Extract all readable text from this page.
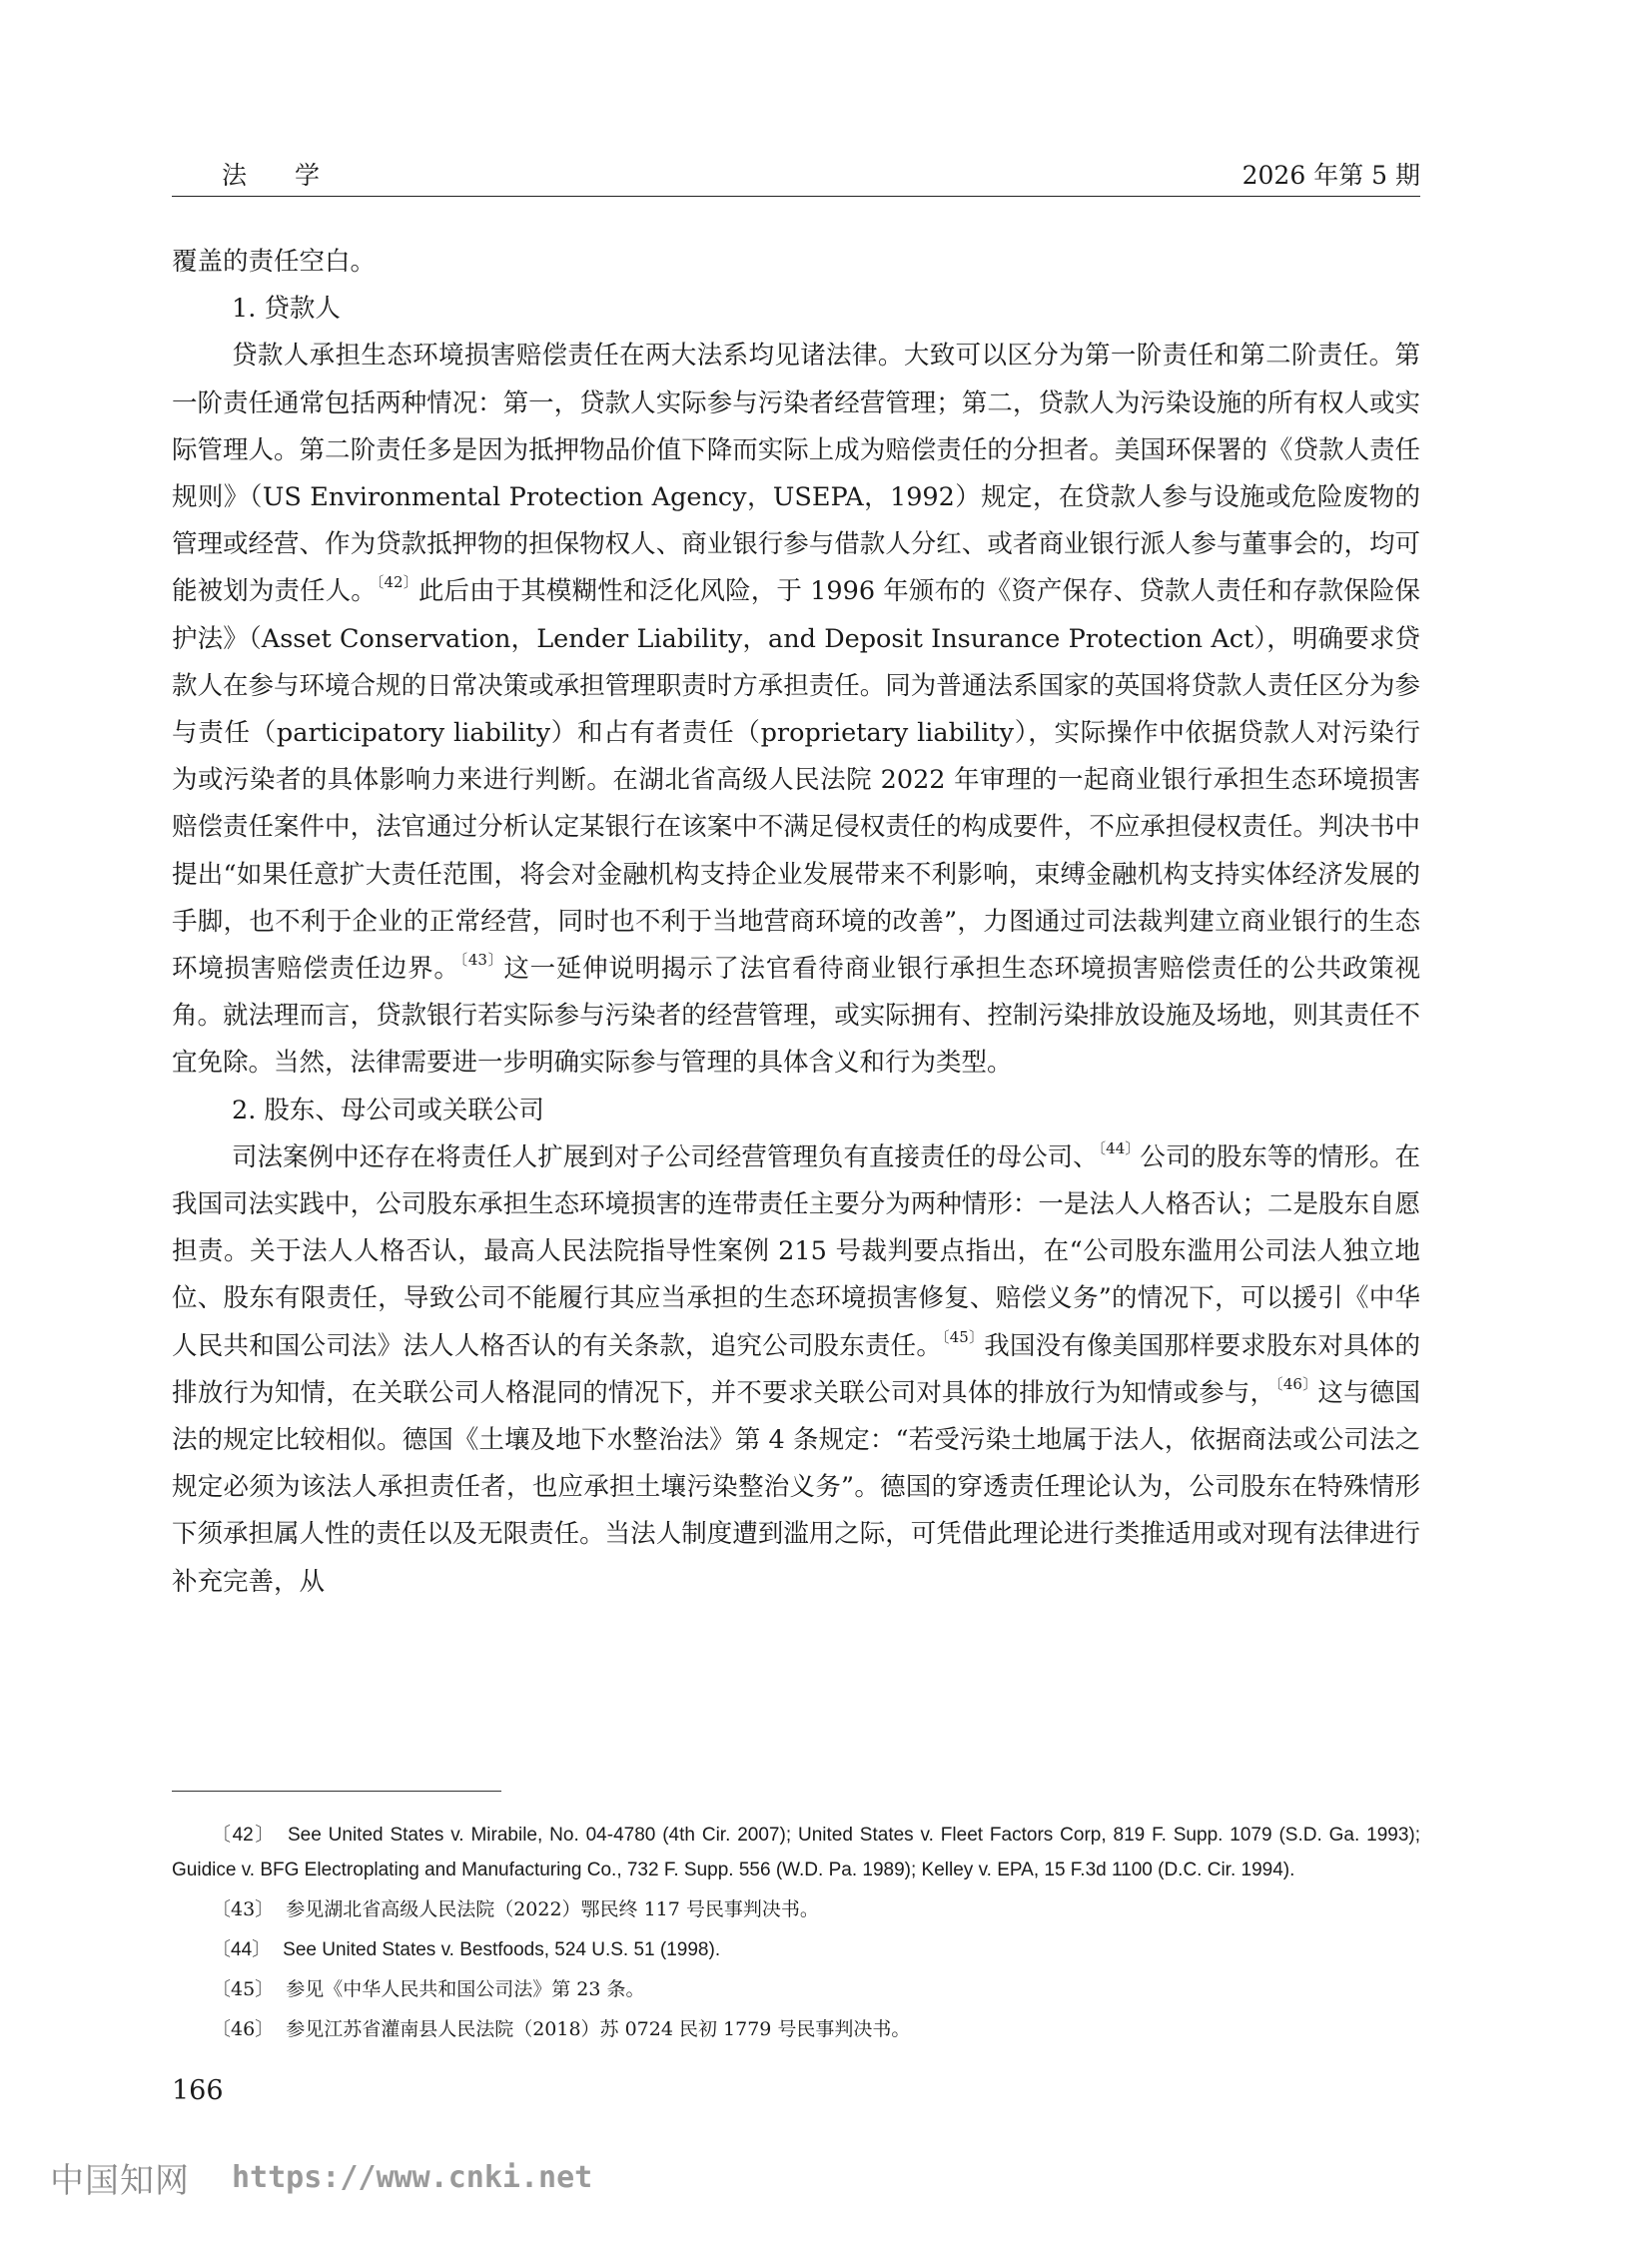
法 学	2026 年第 5 期

覆盖的责任空白。

1. 贷款人

贷款人承担生态环境损害赔偿责任在两大法系均见诸法律。大致可以区分为第一阶责任和第二阶责任。第一阶责任通常包括两种情况：第一，贷款人实际参与污染者经营管理；第二，贷款人为污染设施的所有权人或实际管理人。第二阶责任多是因为抵押物品价值下降而实际上成为赔偿责任的分担者。美国环保署的《贷款人责任规则》（US Environmental Protection Agency，USEPA，1992）规定，在贷款人参与设施或危险废物的管理或经营、作为贷款抵押物的担保物权人、商业银行参与借款人分红、或者商业银行派人参与董事会的，均可能被划为责任人。$^{〔42〕}$此后由于其模糊性和泛化风险，于 1996 年颁布的《资产保存、贷款人责任和存款保险保护法》（Asset Conservation，Lender Liability，and Deposit Insurance Protection Act），明确要求贷款人在参与环境合规的日常决策或承担管理职责时方承担责任。同为普通法系国家的英国将贷款人责任区分为参与责任（participatory liability）和占有者责任（proprietary liability），实际操作中依据贷款人对污染行为或污染者的具体影响力来进行判断。在湖北省高级人民法院 2022 年审理的一起商业银行承担生态环境损害赔偿责任案件中，法官通过分析认定某银行在该案中不满足侵权责任的构成要件，不应承担侵权责任。判决书中提出“如果任意扩大责任范围，将会对金融机构支持企业发展带来不利影响，束缚金融机构支持实体经济发展的手脚，也不利于企业的正常经营，同时也不利于当地营商环境的改善”，力图通过司法裁判建立商业银行的生态环境损害赔偿责任边界。$^{〔43〕}$这一延伸说明揭示了法官看待商业银行承担生态环境损害赔偿责任的公共政策视角。就法理而言，贷款银行若实际参与污染者的经营管理，或实际拥有、控制污染排放设施及场地，则其责任不宜免除。当然，法律需要进一步明确实际参与管理的具体含义和行为类型。

2. 股东、母公司或关联公司

司法案例中还存在将责任人扩展到对子公司经营管理负有直接责任的母公司、$^{〔44〕}$公司的股东等的情形。在我国司法实践中，公司股东承担生态环境损害的连带责任主要分为两种情形：一是法人人格否认；二是股东自愿担责。关于法人人格否认，最高人民法院指导性案例 215 号裁判要点指出，在“公司股东滥用公司法人独立地位、股东有限责任，导致公司不能履行其应当承担的生态环境损害修复、赔偿义务”的情况下，可以援引《中华人民共和国公司法》法人人格否认的有关条款，追究公司股东责任。$^{〔45〕}$我国没有像美国那样要求股东对具体的排放行为知情，在关联公司人格混同的情况下，并不要求关联公司对具体的排放行为知情或参与，$^{〔46〕}$这与德国法的规定比较相似。德国《土壤及地下水整治法》第 4 条规定：“若受污染土地属于法人，依据商法或公司法之规定必须为该法人承担责任者，也应承担土壤污染整治义务”。德国的穿透责任理论认为，公司股东在特殊情形下须承担属人性的责任以及无限责任。当法人制度遭到滥用之际，可凭借此理论进行类推适用或对现有法律进行补充完善，从

〔42〕 See United States v. Mirabile, No. 04-4780 (4th Cir. 2007); United States v. Fleet Factors Corp, 819 F. Supp. 1079 (S.D. Ga. 1993); Guidice v. BFG Electroplating and Manufacturing Co., 732 F. Supp. 556 (W.D. Pa. 1989); Kelley v. EPA, 15 F.3d 1100 (D.C. Cir. 1994).

〔43〕 参见湖北省高级人民法院（2022）鄂民终 117 号民事判决书。

〔44〕 See United States v. Bestfoods, 524 U.S. 51 (1998).

〔45〕 参见《中华人民共和国公司法》第 23 条。

〔46〕 参见江苏省灌南县人民法院（2018）苏 0724 民初 1779 号民事判决书。

166
中国知网 https://www.cnki.net
